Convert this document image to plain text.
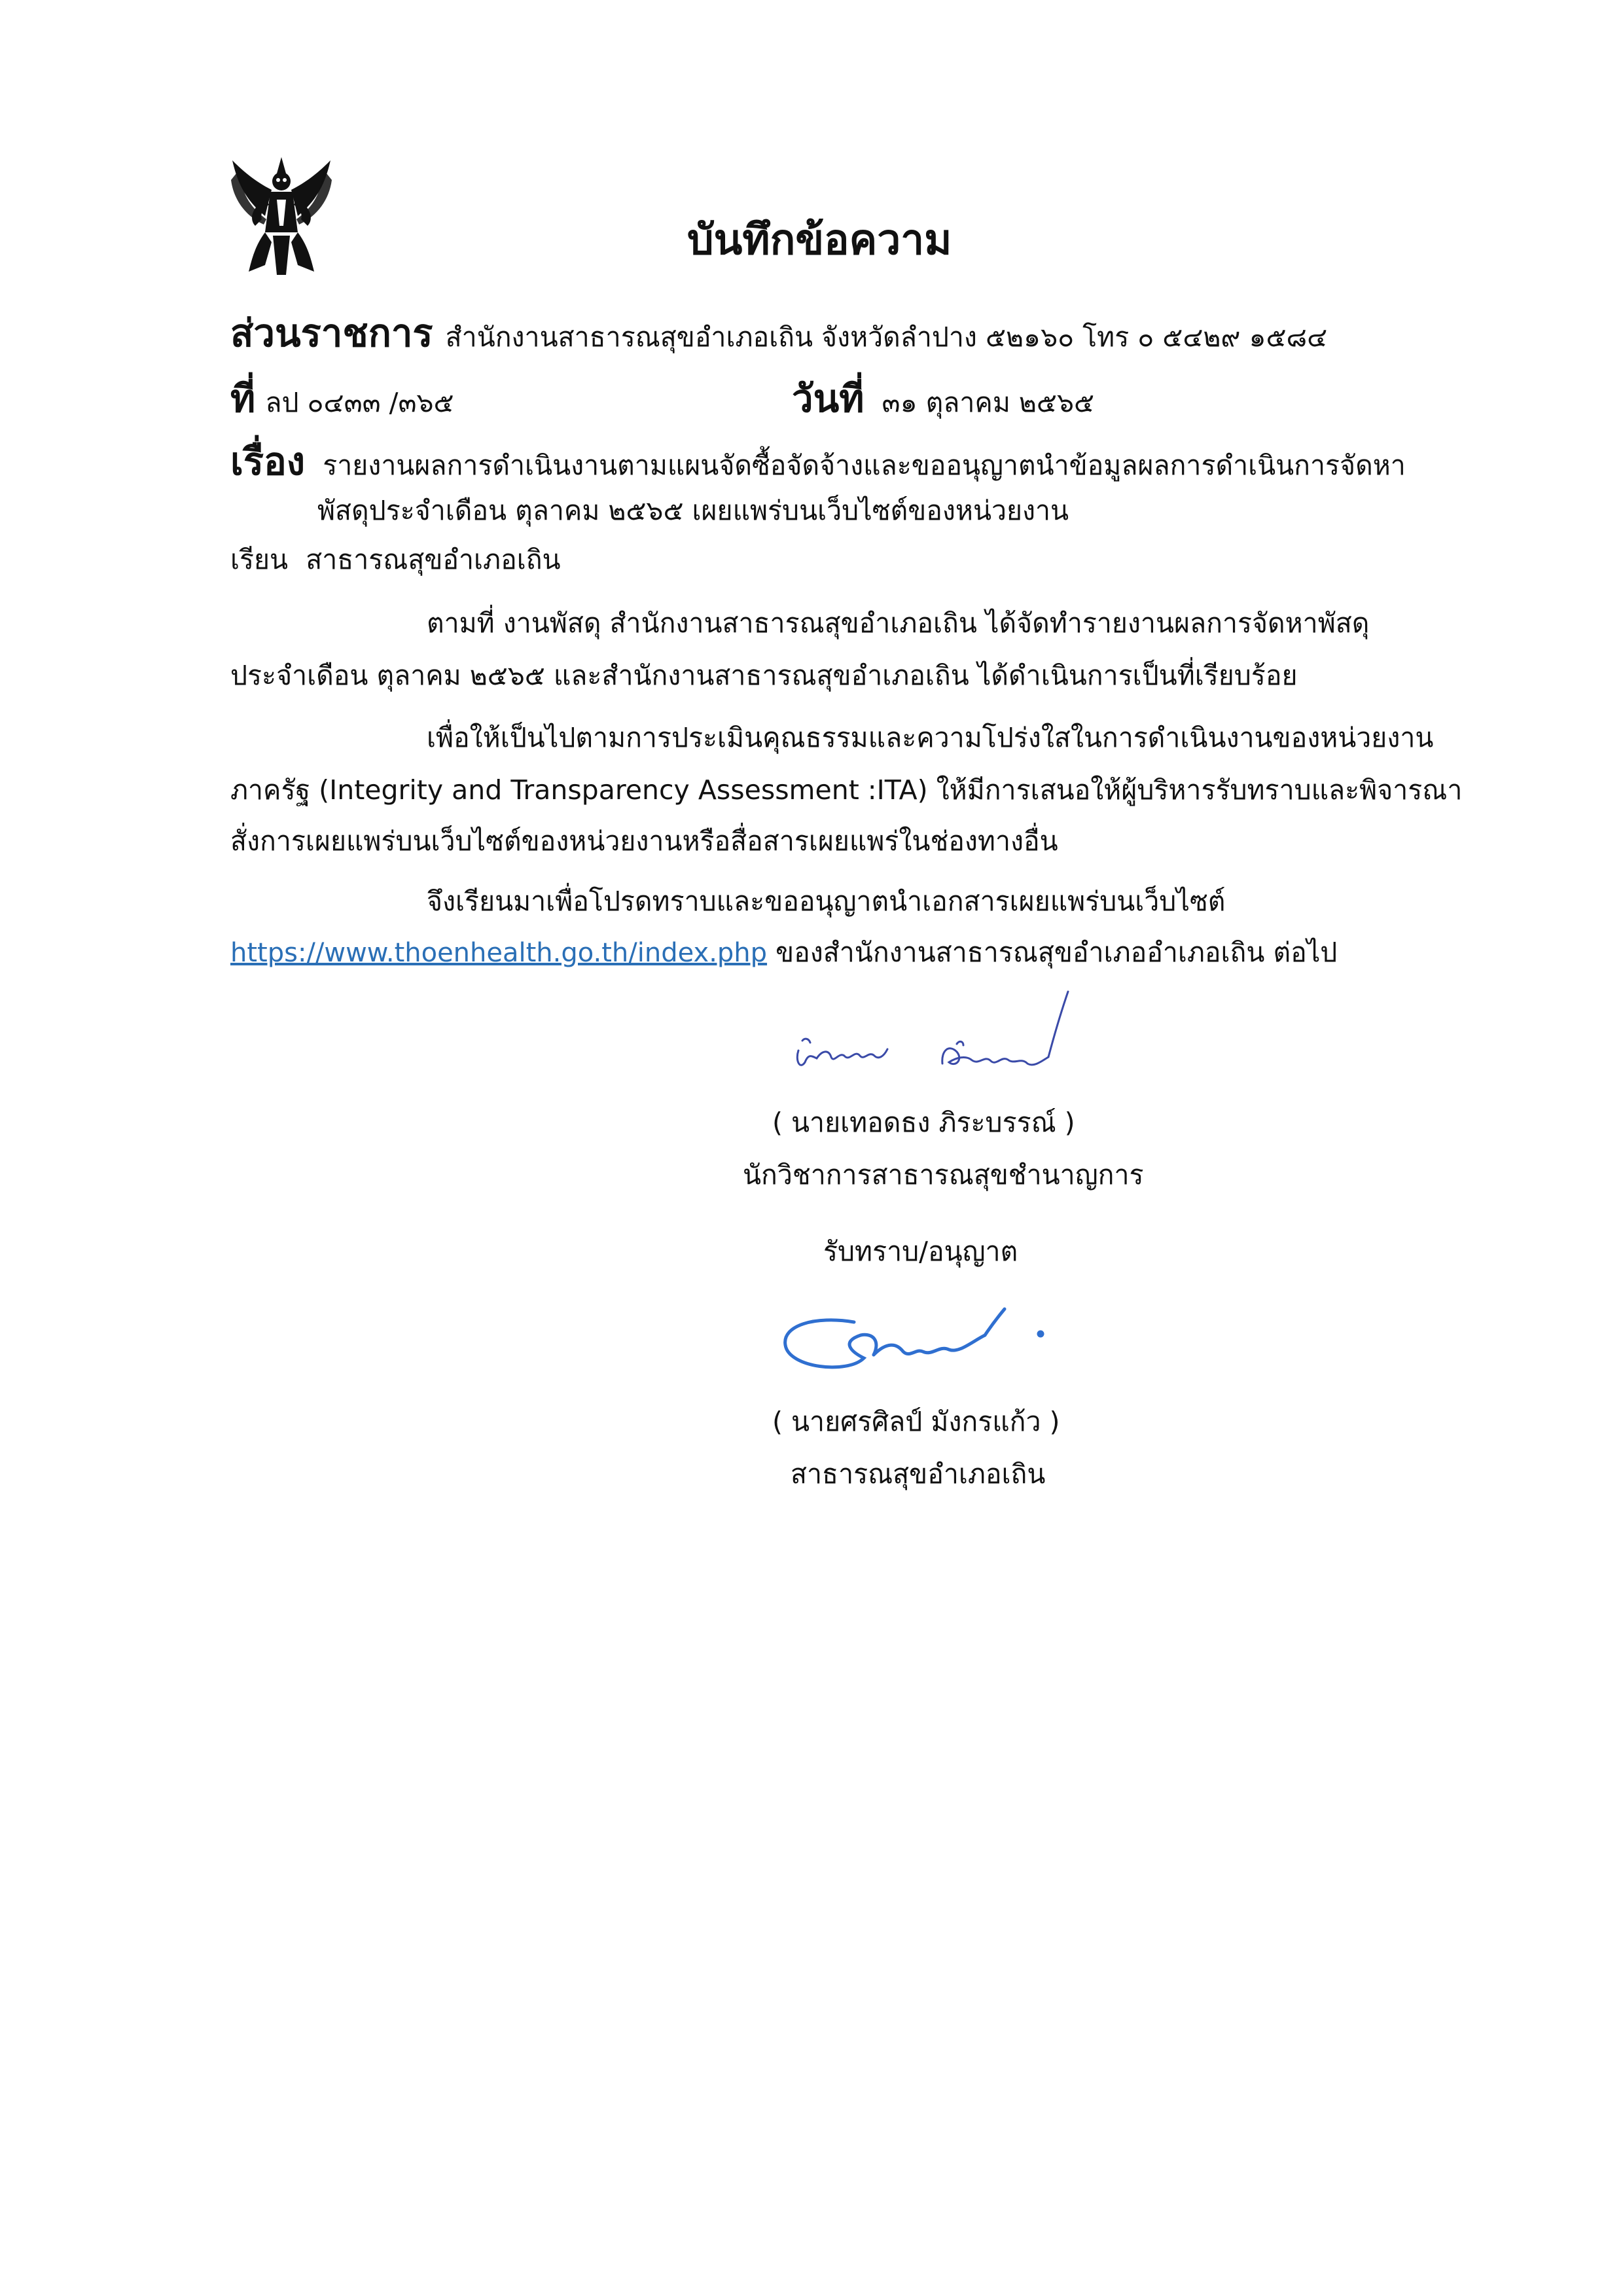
บันทึกข้อความ
ส่วนราชการ สำนักงานสาธารณสุขอำเภอเถิน จังหวัดลำปาง ๕๒๑๖๐ โทร ๐ ๕๔๒๙ ๑๕๘๔
ที่ ลป ๐๔๓๓ /๓๖๕	วันที่ ๓๑ ตุลาคม ๒๕๖๕
เรื่อง รายงานผลการดำเนินงานตามแผนจัดซื้อจัดจ้างและขออนุญาตนำข้อมูลผลการดำเนินการจัดหา
พัสดุประจำเดือน ตุลาคม ๒๕๖๕ เผยแพร่บนเว็บไซต์ของหน่วยงาน
เรียน สาธารณสุขอำเภอเถิน
ตามที่ งานพัสดุ สำนักงานสาธารณสุขอำเภอเถิน ได้จัดทำรายงานผลการจัดหาพัสดุ
ประจำเดือน ตุลาคม ๒๕๖๕ และสำนักงานสาธารณสุขอำเภอเถิน ได้ดำเนินการเป็นที่เรียบร้อย
เพื่อให้เป็นไปตามการประเมินคุณธรรมและความโปร่งใสในการดำเนินงานของหน่วยงาน
ภาครัฐ (Integrity and Transparency Assessment :ITA) ให้มีการเสนอให้ผู้บริหารรับทราบและพิจารณา
สั่งการเผยแพร่บนเว็บไซต์ของหน่วยงานหรือสื่อสารเผยแพร่ในช่องทางอื่น
จึงเรียนมาเพื่อโปรดทราบและขออนุญาตนำเอกสารเผยแพร่บนเว็บไซต์
https://www.thoenhealth.go.th/index.php ของสำนักงานสาธารณสุขอำเภออำเภอเถิน ต่อไป
( นายเทอดธง ภิระบรรณ์ )
นักวิชาการสาธารณสุขชำนาญการ
รับทราบ/อนุญาต
( นายศรศิลป์ มังกรแก้ว )
สาธารณสุขอำเภอเถิน
